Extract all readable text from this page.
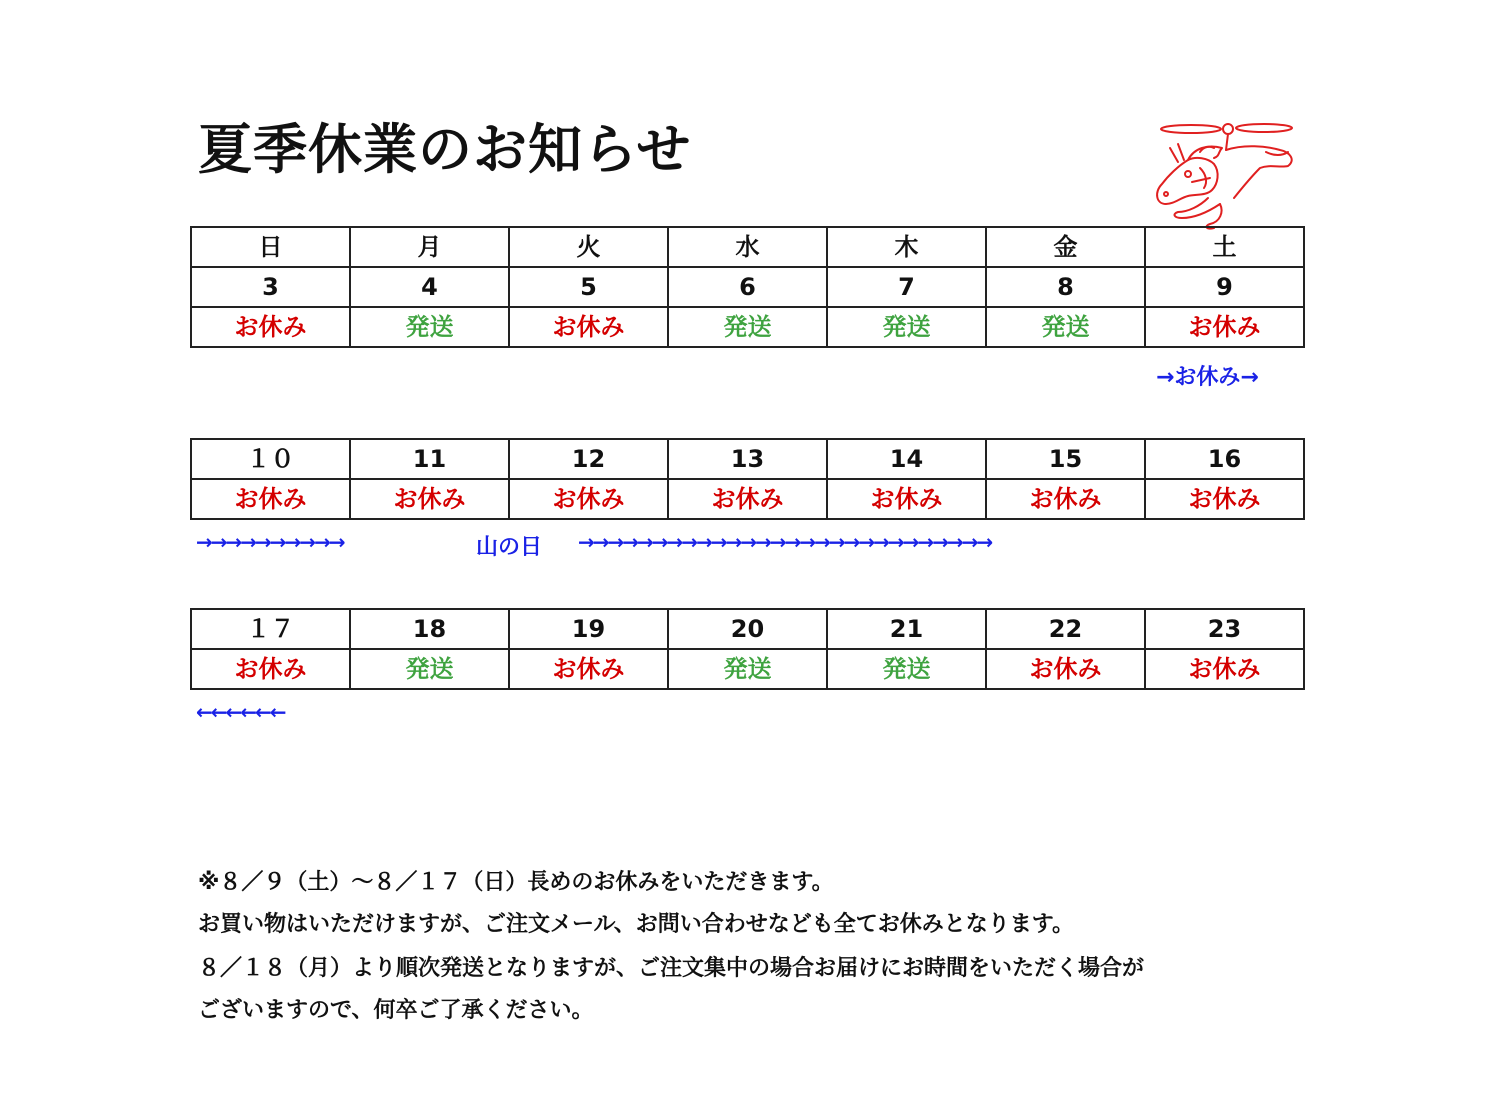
夏季休業のお知らせ
日	月	火	水	木	金	土
3	4	5	6	7	8	9
お休み	発送	お休み	発送	発送	発送	お休み
→お休み→
１０	11	12	13	14	15	16
お休み	お休み	お休み	お休み	お休み	お休み	お休み
→→→→→→→→→→	山の日 →→→→→→→→→→→→→→→→→→→→→→→→→→→→
１７	18	19	20	21	22	23
お休み	発送	お休み	発送	発送	お休み	お休み
←←←←←←
※８／９（土）～８／１７（日）長めのお休みをいただきます。
お買い物はいただけますが、ご注文メール、お問い合わせなども全てお休みとなります。
８／１８（月）より順次発送となりますが、ご注文集中の場合お届けにお時間をいただく場合が
ございますので、何卒ご了承ください。
